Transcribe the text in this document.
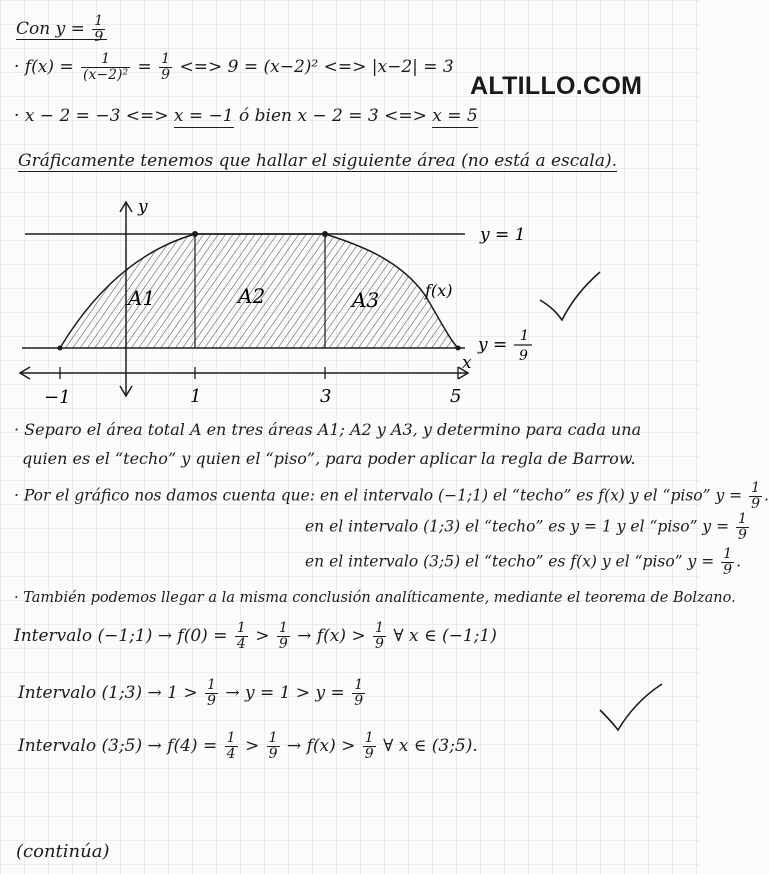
ALTILLO.COM
Con $y = \frac{1}{9}$
· $f(x) = \frac{1}{\text{(x−2)²}} = \frac{1}{9}$ <=> 9 = (x−2)² <=> |x−2| = 3
· x − 2 = −3 <=> x = −1 ó bien x − 2 = 3 <=> x = 5
Gráficamente tenemos que hallar el siguiente área (no está a escala).
y
x
y = 1
y = 1
9
f(x)
A1	A2	A3
−1	1	3	5
· Separo el área total A en tres áreas A1; A2 y A3, y determino para cada una
quien es el “techo” y quien el “piso”, para poder aplicar la regla de Barrow.
· Por el gráfico nos damos cuenta que: en el intervalo (−1;1) el “techo” es f(x) y el “piso” $y = \frac{1}{9}$ .
en el intervalo (1;3) el “techo” es y = 1 y el “piso” $y = \frac{1}{9}$
en el intervalo (3;5) el “techo” es f(x) y el “piso” $y = \frac{1}{9}$ .
· También podemos llegar a la misma conclusión analíticamente, mediante el teorema de Bolzano.
Intervalo (−1;1) → $f(0) = \frac{1}{4} > \frac{1}{9} \to f(x) > \frac{1}{9}$ ∀ x ∈ (−1;1)
Intervalo (1;3) → $1 > \frac{1}{9} \to y = 1 > y = \frac{1}{9}$
Intervalo (3;5) → $f(4) = \frac{1}{4} > \frac{1}{9} \to f(x) > \frac{1}{9}$ ∀ x ∈ (3;5).
(continúa)
